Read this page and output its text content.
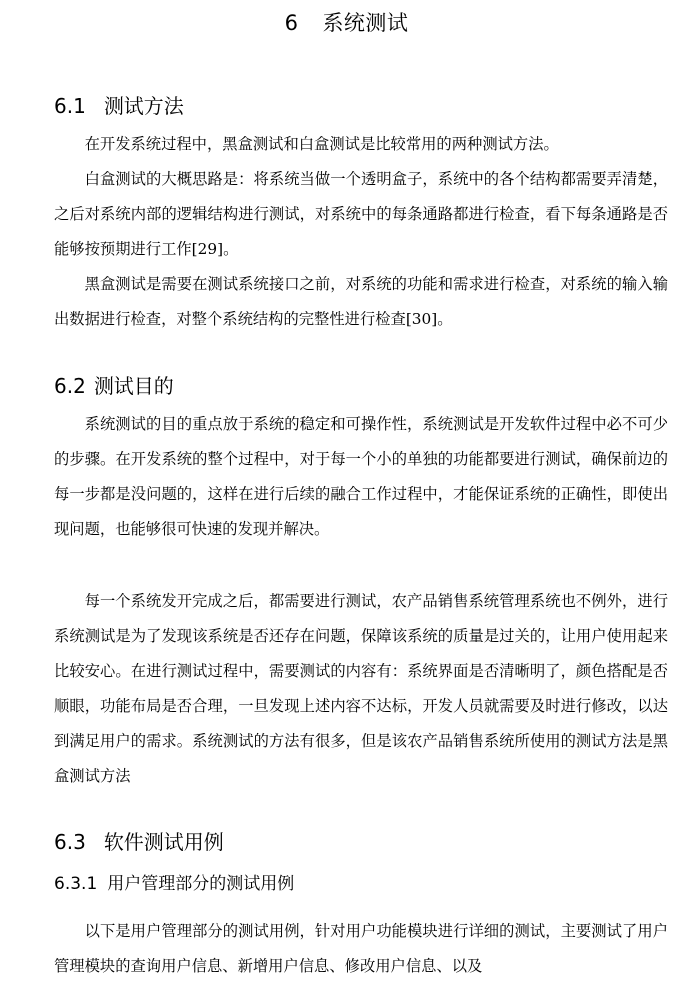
6 系统测试
6.1 测试方法

在开发系统过程中，黑盒测试和白盒测试是比较常用的两种测试方法。

白盒测试的大概思路是：将系统当做一个透明盒子，系统中的各个结构都需要弄清楚，之后对系统内部的逻辑结构进行测试，对系统中的每条通路都进行检查，看下每条通路是否能够按预期进行工作[29]。

黑盒测试是需要在测试系统接口之前，对系统的功能和需求进行检查，对系统的输入输出数据进行检查，对整个系统结构的完整性进行检查[30]。

6.2 测试目的

系统测试的目的重点放于系统的稳定和可操作性，系统测试是开发软件过程中必不可少的步骤。在开发系统的整个过程中，对于每一个小的单独的功能都要进行测试，确保前边的每一步都是没问题的，这样在进行后续的融合工作过程中，才能保证系统的正确性，即使出现问题，也能够很可快速的发现并解决。

每一个系统发开完成之后，都需要进行测试，农产品销售系统管理系统也不例外，进行系统测试是为了发现该系统是否还存在问题，保障该系统的质量是过关的，让用户使用起来比较安心。在进行测试过程中，需要测试的内容有：系统界面是否清晰明了，颜色搭配是否顺眼，功能布局是否合理，一旦发现上述内容不达标，开发人员就需要及时进行修改，以达到满足用户的需求。系统测试的方法有很多，但是该农产品销售系统所使用的测试方法是黑盒测试方法

6.3 软件测试用例
6.3.1 用户管理部分的测试用例

以下是用户管理部分的测试用例，针对用户功能模块进行详细的测试，主要测试了用户管理模块的查询用户信息、新增用户信息、修改用户信息、以及
